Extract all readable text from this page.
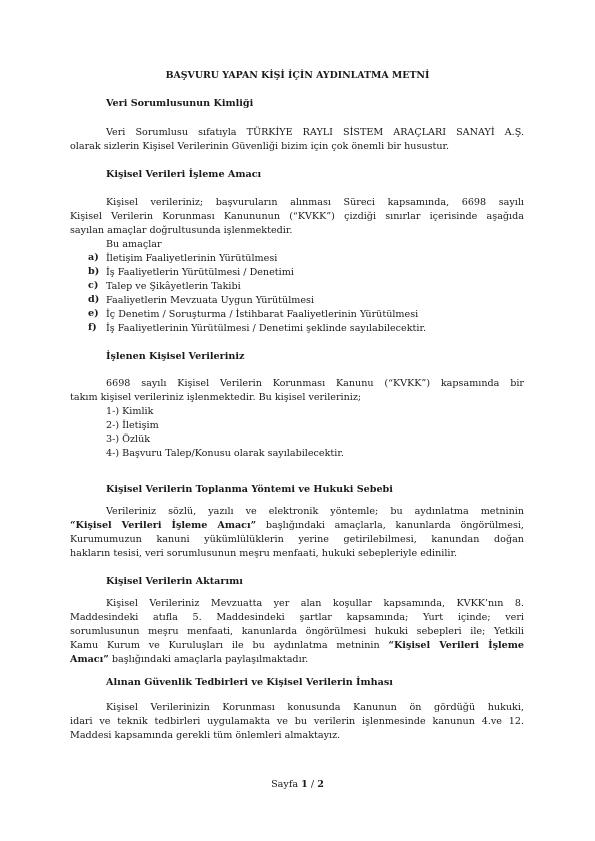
BAŞVURU YAPAN KİŞİ İÇİN AYDINLATMA METNİ
Veri Sorumlusunun Kimliği
Veri Sorumlusu sıfatıyla TÜRKİYE RAYLI SİSTEM ARAÇLARI SANAYİ A.Ş.
olarak sizlerin Kişisel Verilerinin Güvenliği bizim için çok önemli bir husustur.
Kişisel Verileri İşleme Amacı
Kişisel verileriniz; başvuruların alınması Süreci kapsamında, 6698 sayılı
Kişisel Verilerin Korunması Kanununun (“KVKK”) çizdiği sınırlar içerisinde aşağıda
sayılan amaçlar doğrultusunda işlenmektedir.
Bu amaçlar
a) İletişim Faaliyetlerinin Yürütülmesi
b) İş Faaliyetlerin Yürütülmesi / Denetimi
c) Talep ve Şikâyetlerin Takibi
d) Faaliyetlerin Mevzuata Uygun Yürütülmesi
e) İç Denetim / Soruşturma / İstihbarat Faaliyetlerinin Yürütülmesi
f) İş Faaliyetlerinin Yürütülmesi / Denetimi şeklinde sayılabilecektir.
İşlenen Kişisel Verileriniz
6698 sayılı Kişisel Verilerin Korunması Kanunu (“KVKK”) kapsamında bir
takım kişisel verileriniz işlenmektedir. Bu kişisel verileriniz;
1-) Kimlik
2-) İletişim
3-) Özlük
4-) Başvuru Talep/Konusu olarak sayılabilecektir.
Kişisel Verilerin Toplanma Yöntemi ve Hukuki Sebebi
Verileriniz sözlü, yazılı ve elektronik yöntemle; bu aydınlatma metninin
“Kişisel Verileri İşleme Amacı” başlığındaki amaçlarla, kanunlarda öngörülmesi,
Kurumumuzun kanuni yükümlülüklerin yerine getirilebilmesi, kanundan doğan
hakların tesisi, veri sorumlusunun meşru menfaati, hukuki sebepleriyle edinilir.
Kişisel Verilerin Aktarımı
Kişisel Verileriniz Mevzuatta yer alan koşullar kapsamında, KVKK’nın 8.
Maddesindeki atıfla 5. Maddesindeki şartlar kapsamında; Yurt içinde; veri
sorumlusunun meşru menfaati, kanunlarda öngörülmesi hukuki sebepleri ile; Yetkili
Kamu Kurum ve Kuruluşları ile bu aydınlatma metninin “Kişisel Verileri İşleme
Amacı” başlığındaki amaçlarla paylaşılmaktadır.
Alınan Güvenlik Tedbirleri ve Kişisel Verilerin İmhası
Kişisel Verilerinizin Korunması konusunda Kanunun ön gördüğü hukuki,
idari ve teknik tedbirleri uygulamakta ve bu verilerin işlenmesinde kanunun 4.ve 12.
Maddesi kapsamında gerekli tüm önlemleri almaktayız.
Sayfa 1 / 2
